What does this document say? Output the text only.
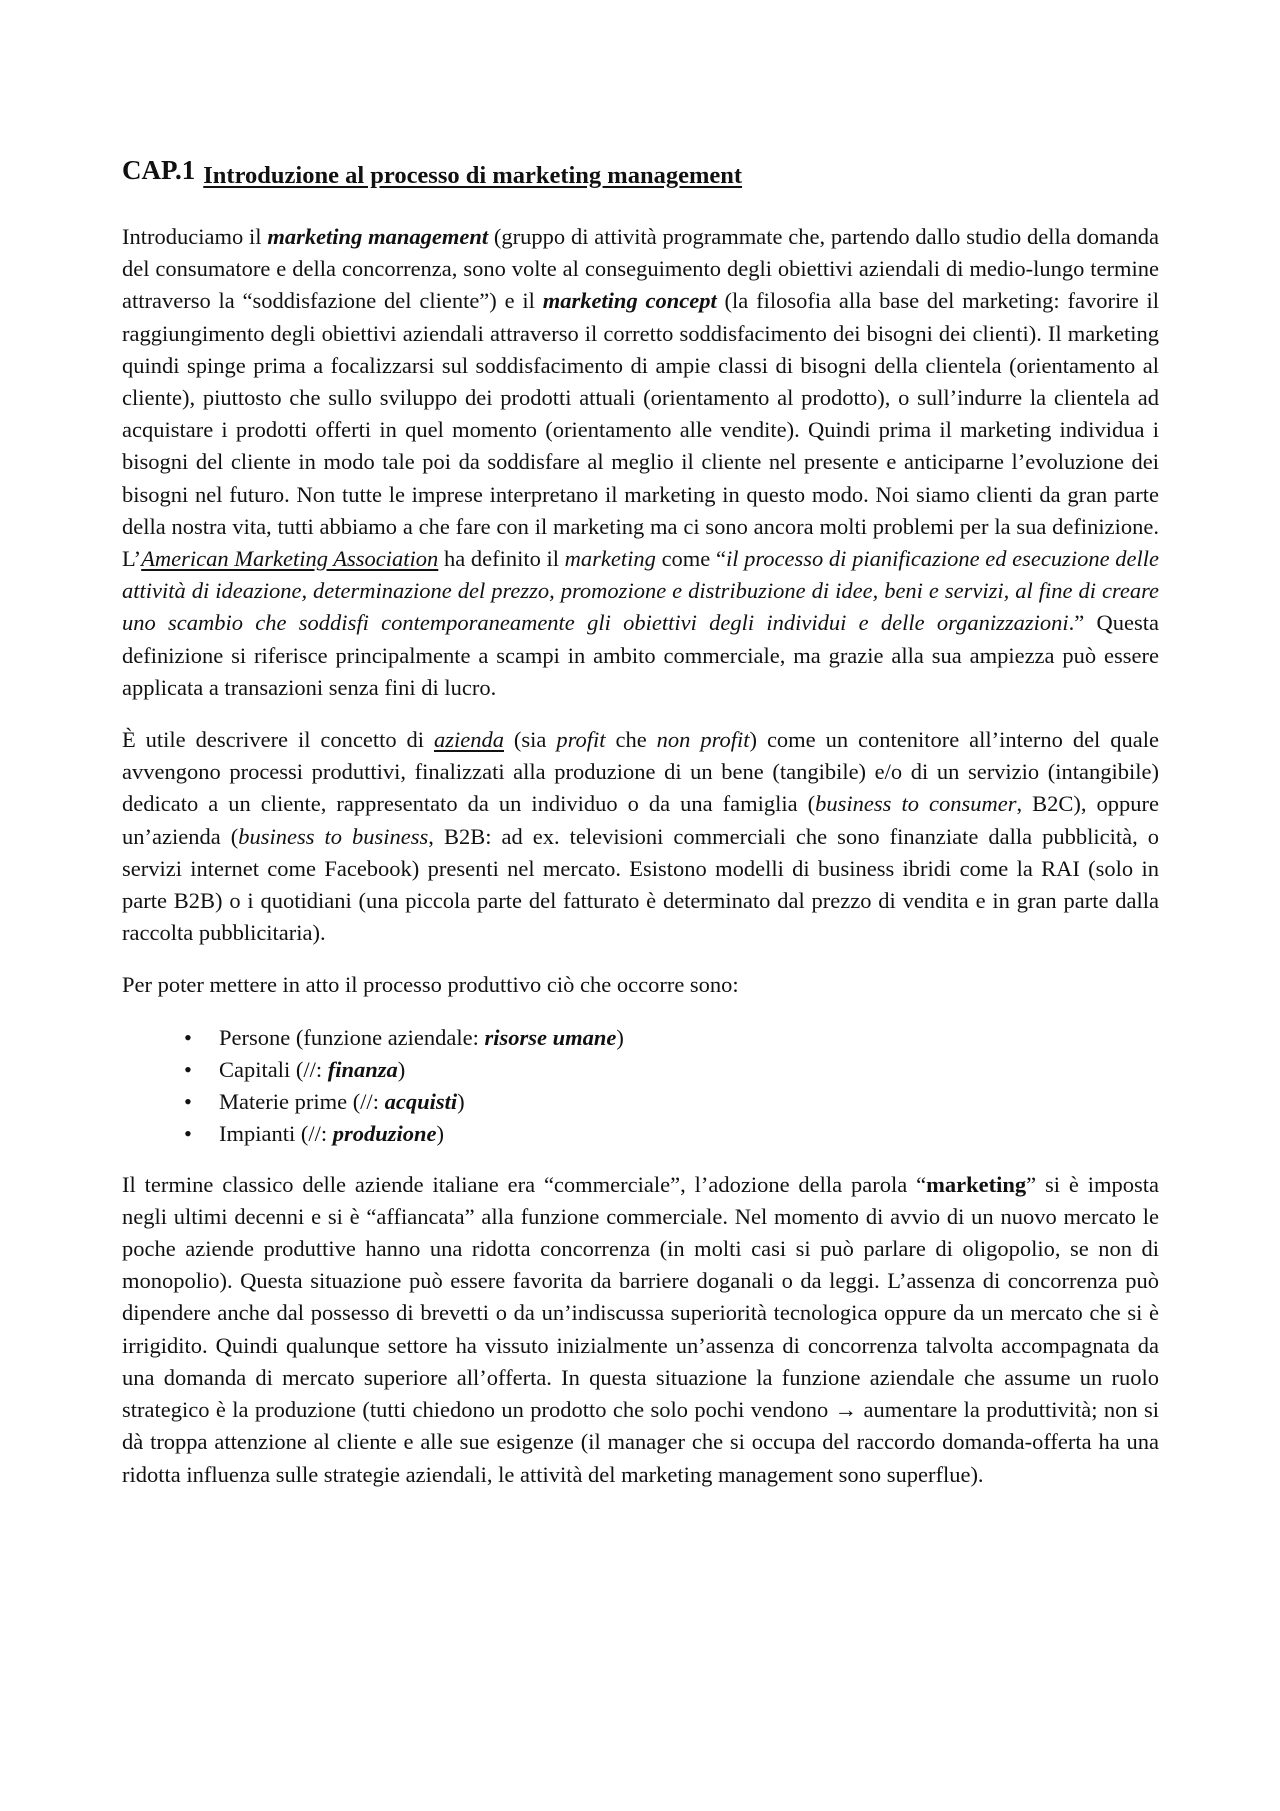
CAP.1 Introduzione al processo di marketing management

Introduciamo il marketing management (gruppo di attività programmate che, partendo dallo studio della domanda del consumatore e della concorrenza, sono volte al conseguimento degli obiettivi aziendali di medio-lungo termine attraverso la “soddisfazione del cliente”) e il marketing concept (la filosofia alla base del marketing: favorire il raggiungimento degli obiettivi aziendali attraverso il corretto soddisfacimento dei bisogni dei clienti). Il marketing quindi spinge prima a focalizzarsi sul soddisfacimento di ampie classi di bisogni della clientela (orientamento al cliente), piuttosto che sullo sviluppo dei prodotti attuali (orientamento al prodotto), o sull’indurre la clientela ad acquistare i prodotti offerti in quel momento (orientamento alle vendite). Quindi prima il marketing individua i bisogni del cliente in modo tale poi da soddisfare al meglio il cliente nel presente e anticiparne l’evoluzione dei bisogni nel futuro. Non tutte le imprese interpretano il marketing in questo modo. Noi siamo clienti da gran parte della nostra vita, tutti abbiamo a che fare con il marketing ma ci sono ancora molti problemi per la sua definizione. L’American Marketing Association ha definito il marketing come “il processo di pianificazione ed esecuzione delle attività di ideazione, determinazione del prezzo, promozione e distribuzione di idee, beni e servizi, al fine di creare uno scambio che soddisfi contemporaneamente gli obiettivi degli individui e delle organizzazioni.” Questa definizione si riferisce principalmente a scampi in ambito commerciale, ma grazie alla sua ampiezza può essere applicata a transazioni senza fini di lucro.

È utile descrivere il concetto di azienda (sia profit che non profit) come un contenitore all’interno del quale avvengono processi produttivi, finalizzati alla produzione di un bene (tangibile) e/o di un servizio (intangibile) dedicato a un cliente, rappresentato da un individuo o da una famiglia (business to consumer, B2C), oppure un’azienda (business to business, B2B: ad ex. televisioni commerciali che sono finanziate dalla pubblicità, o servizi internet come Facebook) presenti nel mercato. Esistono modelli di business ibridi come la RAI (solo in parte B2B) o i quotidiani (una piccola parte del fatturato è determinato dal prezzo di vendita e in gran parte dalla raccolta pubblicitaria).

Per poter mettere in atto il processo produttivo ciò che occorre sono:

• Persone (funzione aziendale: risorse umane)
• Capitali (//: finanza)
• Materie prime (//: acquisti)
• Impianti (//: produzione)

Il termine classico delle aziende italiane era “commerciale”, l’adozione della parola “marketing” si è imposta negli ultimi decenni e si è “affiancata” alla funzione commerciale. Nel momento di avvio di un nuovo mercato le poche aziende produttive hanno una ridotta concorrenza (in molti casi si può parlare di oligopolio, se non di monopolio). Questa situazione può essere favorita da barriere doganali o da leggi. L’assenza di concorrenza può dipendere anche dal possesso di brevetti o da un’indiscussa superiorità tecnologica oppure da un mercato che si è irrigidito. Quindi qualunque settore ha vissuto inizialmente un’assenza di concorrenza talvolta accompagnata da una domanda di mercato superiore all’offerta. In questa situazione la funzione aziendale che assume un ruolo strategico è la produzione (tutti chiedono un prodotto che solo pochi vendono → aumentare la produttività; non si dà troppa attenzione al cliente e alle sue esigenze (il manager che si occupa del raccordo domanda-offerta ha una ridotta influenza sulle strategie aziendali, le attività del marketing management sono superflue).
